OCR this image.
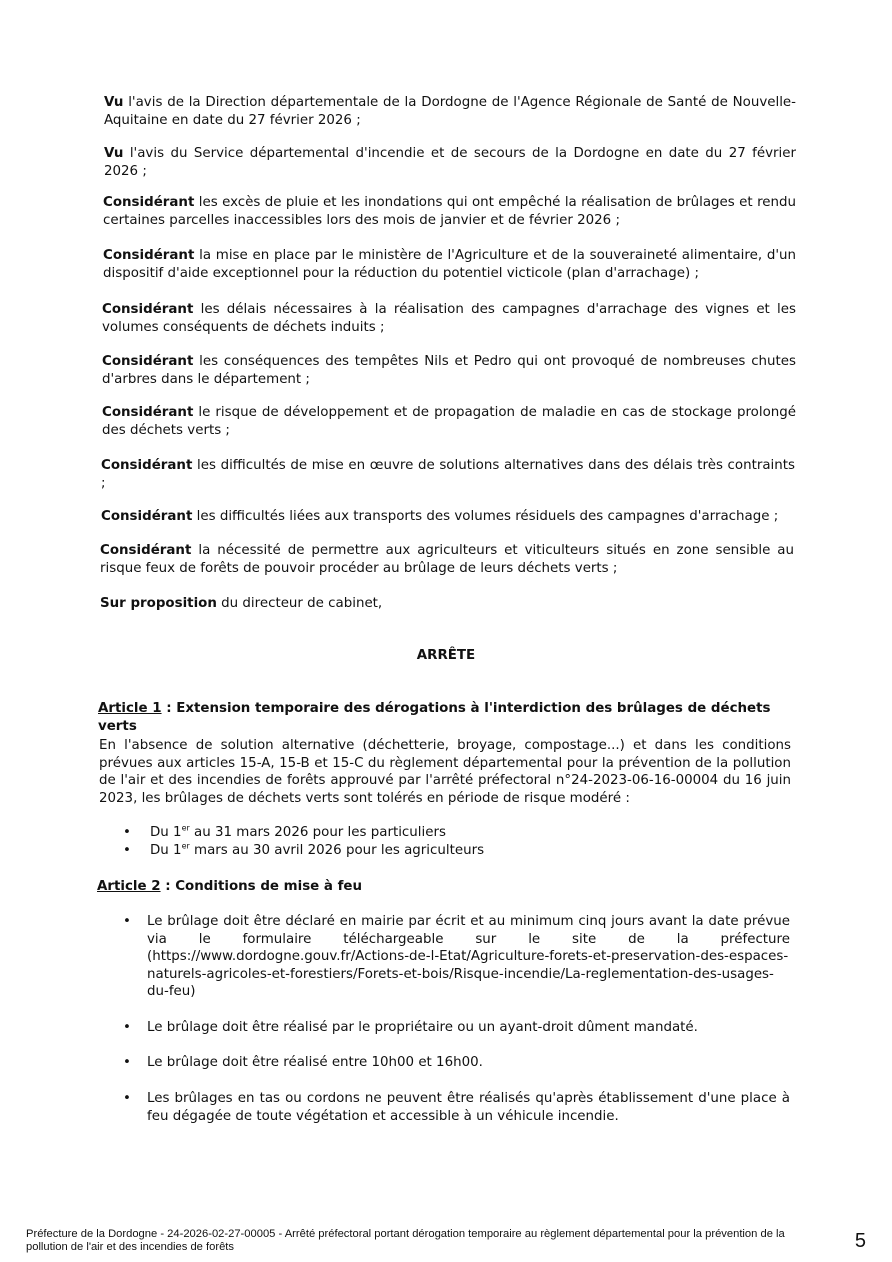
Vu l'avis de la Direction départementale de la Dordogne de l'Agence Régionale de Santé de Nouvelle-Aquitaine en date du 27 février 2026 ;

Vu l'avis du Service départemental d'incendie et de secours de la Dordogne en date du 27 février 2026 ;

Considérant les excès de pluie et les inondations qui ont empêché la réalisation de brûlages et rendu certaines parcelles inaccessibles lors des mois de janvier et de février 2026 ;

Considérant la mise en place par le ministère de l'Agriculture et de la souveraineté alimentaire, d'un dispositif d'aide exceptionnel pour la réduction du potentiel victicole (plan d'arrachage) ;

Considérant les délais nécessaires à la réalisation des campagnes d'arrachage des vignes et les volumes conséquents de déchets induits ;

Considérant les conséquences des tempêtes Nils et Pedro qui ont provoqué de nombreuses chutes d'arbres dans le département ;

Considérant le risque de développement et de propagation de maladie en cas de stockage prolongé des déchets verts ;

Considérant les difficultés de mise en œuvre de solutions alternatives dans des délais très contraints ;

Considérant les difficultés liées aux transports des volumes résiduels des campagnes d'arrachage ;

Considérant la nécessité de permettre aux agriculteurs et viticulteurs situés en zone sensible au risque feux de forêts de pouvoir procéder au brûlage de leurs déchets verts ;

Sur proposition du directeur de cabinet,

ARRÊTE

Article 1 : Extension temporaire des dérogations à l'interdiction des brûlages de déchets verts

En l'absence de solution alternative (déchetterie, broyage, compostage...) et dans les conditions prévues aux articles 15-A, 15-B et 15-C du règlement départemental pour la prévention de la pollution de l'air et des incendies de forêts approuvé par l'arrêté préfectoral n°24-2023-06-16-00004 du 16 juin 2023, les brûlages de déchets verts sont tolérés en période de risque modéré :

• Du 1er au 31 mars 2026 pour les particuliers
• Du 1er mars au 30 avril 2026 pour les agriculteurs

Article 2 : Conditions de mise à feu

• Le brûlage doit être déclaré en mairie par écrit et au minimum cinq jours avant la date prévue via le formulaire téléchargeable sur le site de la préfecture (https://www.dordogne.gouv.fr/Actions-de-l-Etat/Agriculture-forets-et-preservation-des-espaces-naturels-agricoles-et-forestiers/Forets-et-bois/Risque-incendie/La-reglementation-des-usages-du-feu)
• Le brûlage doit être réalisé par le propriétaire ou un ayant-droit dûment mandaté.
• Le brûlage doit être réalisé entre 10h00 et 16h00.
• Les brûlages en tas ou cordons ne peuvent être réalisés qu'après établissement d'une place à feu dégagée de toute végétation et accessible à un véhicule incendie.
Préfecture de la Dordogne - 24-2026-02-27-00005 - Arrêté préfectoral portant dérogation temporaire au règlement départemental pour la prévention de la pollution de l'air et des incendies de forêts	5
